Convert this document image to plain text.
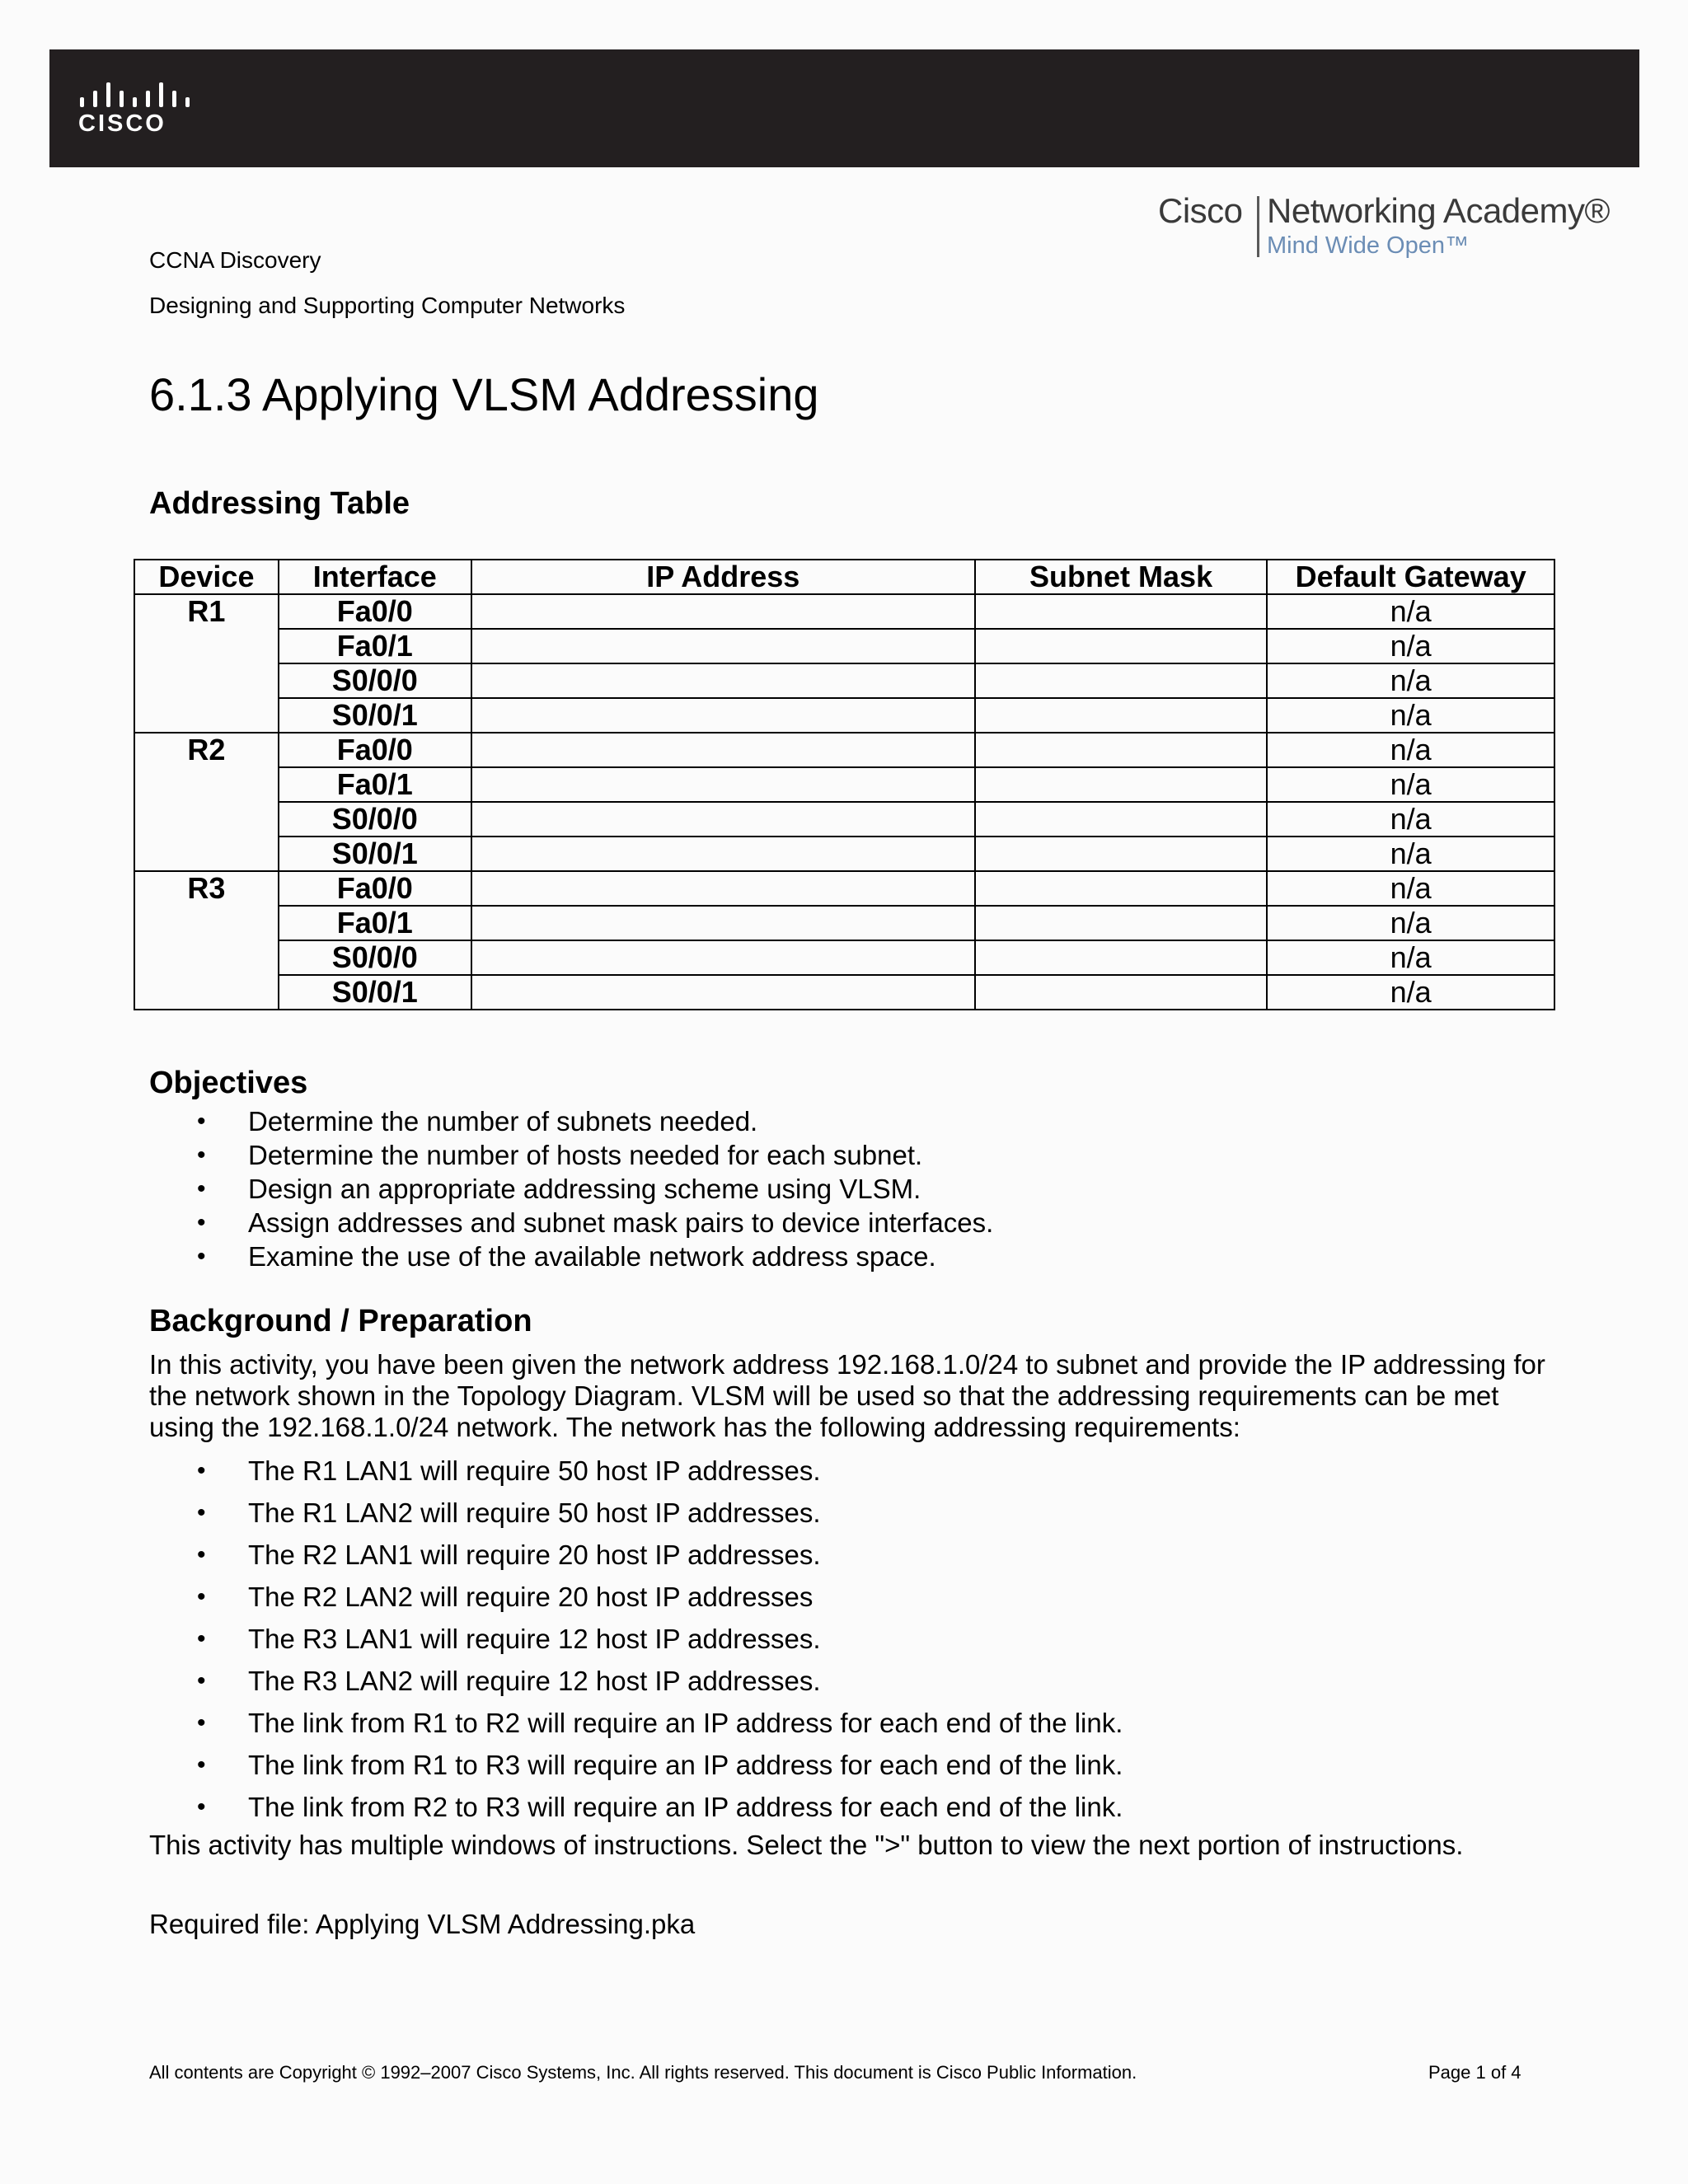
CISCO
Cisco Networking Academy®
Mind Wide Open™
CCNA Discovery
Designing and Supporting Computer Networks
6.1.3 Applying VLSM Addressing
Addressing Table
Device	Interface	IP Address	Subnet Mask	Default Gateway
R1	Fa0/0			n/a
	Fa0/1			n/a
	S0/0/0			n/a
	S0/0/1			n/a
R2	Fa0/0			n/a
	Fa0/1			n/a
	S0/0/0			n/a
	S0/0/1			n/a
R3	Fa0/0			n/a
	Fa0/1			n/a
	S0/0/0			n/a
	S0/0/1			n/a
Objectives
• Determine the number of subnets needed.
• Determine the number of hosts needed for each subnet.
• Design an appropriate addressing scheme using VLSM.
• Assign addresses and subnet mask pairs to device interfaces.
• Examine the use of the available network address space.
Background / Preparation

In this activity, you have been given the network address 192.168.1.0/24 to subnet and provide the IP addressing for the network shown in the Topology Diagram. VLSM will be used so that the addressing requirements can be met using the 192.168.1.0/24 network. The network has the following addressing requirements:

• The R1 LAN1 will require 50 host IP addresses.
• The R1 LAN2 will require 50 host IP addresses.
• The R2 LAN1 will require 20 host IP addresses.
• The R2 LAN2 will require 20 host IP addresses
• The R3 LAN1 will require 12 host IP addresses.
• The R3 LAN2 will require 12 host IP addresses.
• The link from R1 to R2 will require an IP address for each end of the link.
• The link from R1 to R3 will require an IP address for each end of the link.
• The link from R2 to R3 will require an IP address for each end of the link.

This activity has multiple windows of instructions. Select the ">" button to view the next portion of instructions.

Required file: Applying VLSM Addressing.pka

All contents are Copyright © 1992–2007 Cisco Systems, Inc. All rights reserved. This document is Cisco Public Information.	Page 1 of 4
